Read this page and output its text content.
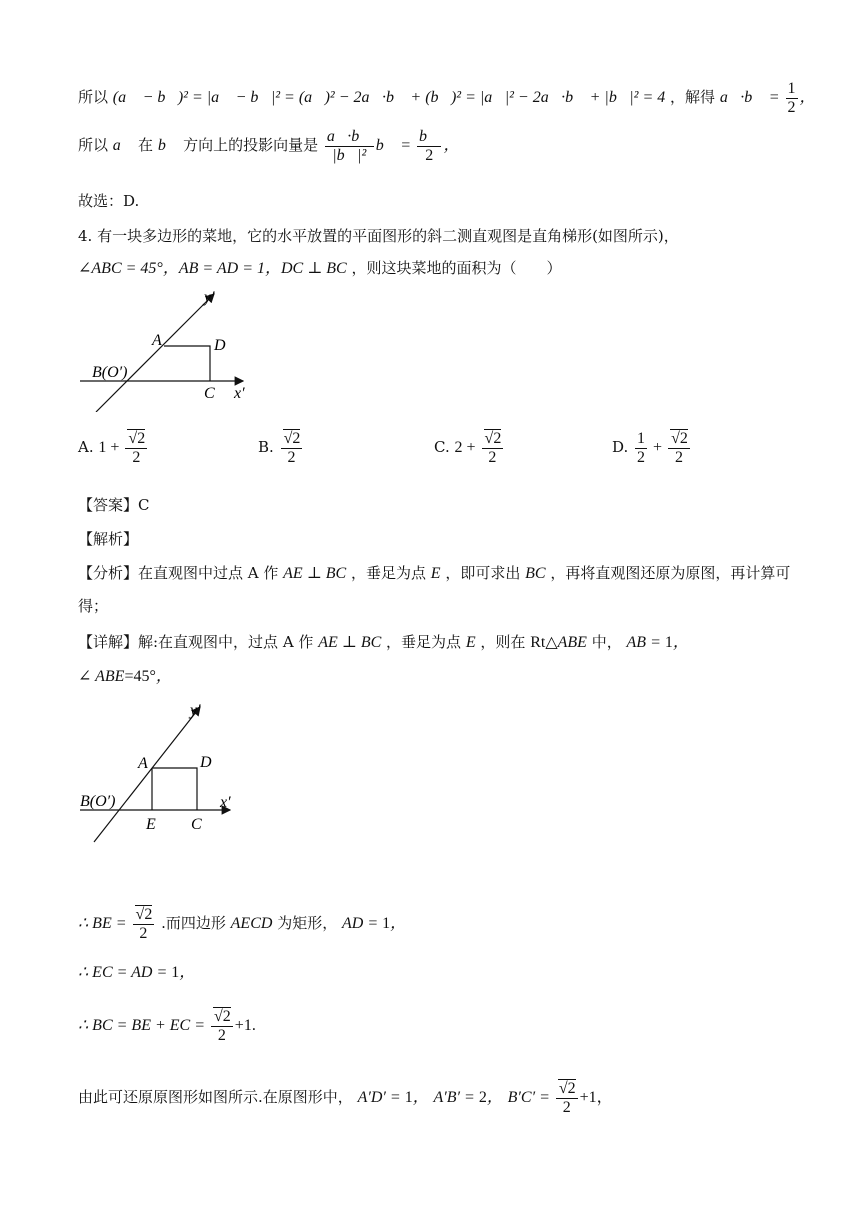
所以 (a⃗ − b⃗)² = |a⃗ − b⃗|² = (a⃗)² − 2a⃗·b⃗ + (b⃗)² = |a⃗|² − 2a⃗·b⃗ + |b⃗|² = 4 ，解得 a⃗·b⃗ = $\frac{1}{2}$ ，
所以 a⃗ 在 b⃗ 方向上的投影向量是 $\frac{a⃗\cdot b⃗}{\text{|b⃗|²}}$ b⃗ = $\frac{b⃗}{2}$ ，
故选：D.
4. 有一块多边形的菜地，它的水平放置的平面图形的斜二测直观图是直角梯形(如图所示)，
∠ABC = 45°，AB = AD = 1，DC ⊥ BC ，则这块菜地的面积为（　　）
y′
A	D
B(O′)
C x′
A. $1 + \frac{√2}{2}$	B. $\frac{√2}{2}$	C. $2 + \frac{√2}{2}$	D. $\frac{1}{2} + \frac{√2}{2}$
【答案】C
【解析】
【分析】在直观图中过点 A 作 AE ⊥ BC ，垂足为点 E ，即可求出 BC ，再将直观图还原为原图，再计算可
得；
【详解】解:在直观图中，过点 A 作 AE ⊥ BC ，垂足为点 E ，则在 Rt△ABE 中， AB = 1，
∠ ABE=45°，
y′
A	D
B(O′)
E C
x′
∴ BE = $\frac{√2}{2}$ .而四边形 AECD 为矩形， AD = 1，
∴ EC = AD = 1，
∴ BC = BE + EC = $\frac{√2}{2} +1$.
由此可还原原图形如图所示.在原图形中， A′D′ = 1， A′B′ = 2， $B'C' = \frac{√2}{2} +1$，
